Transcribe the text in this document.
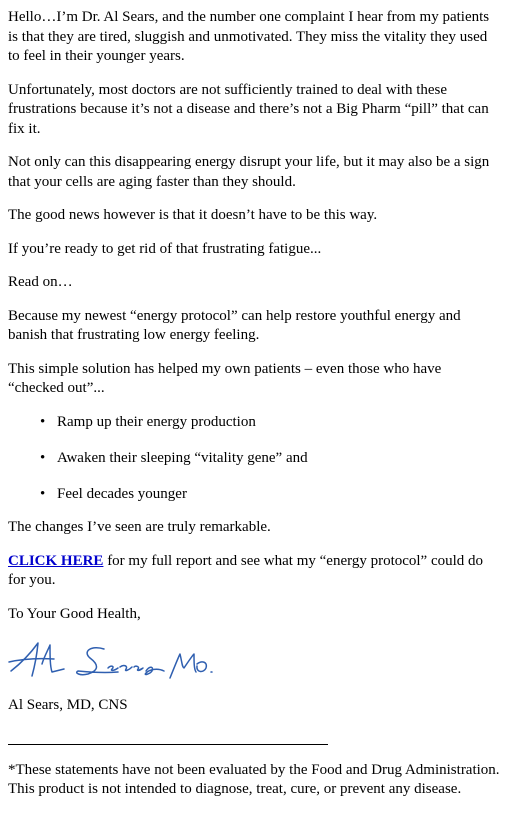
Hello…I’m Dr. Al Sears, and the number one complaint I hear from my patients is that they are tired, sluggish and unmotivated. They miss the vitality they used to feel in their younger years.

Unfortunately, most doctors are not sufficiently trained to deal with these frustrations because it’s not a disease and there’s not a Big Pharm “pill” that can fix it.

Not only can this disappearing energy disrupt your life, but it may also be a sign that your cells are aging faster than they should.

The good news however is that it doesn’t have to be this way.

If you’re ready to get rid of that frustrating fatigue...

Read on…

Because my newest “energy protocol” can help restore youthful energy and banish that frustrating low energy feeling.

This simple solution has helped my own patients – even those who have “checked out”...

• Ramp up their energy production
• Awaken their sleeping “vitality gene” and
• Feel decades younger

The changes I’ve seen are truly remarkable.

CLICK HERE for my full report and see what my “energy protocol” could do for you.

To Your Good Health,

Al Sears, MD, CNS

*These statements have not been evaluated by the Food and Drug Administration.
This product is not intended to diagnose, treat, cure, or prevent any disease.
